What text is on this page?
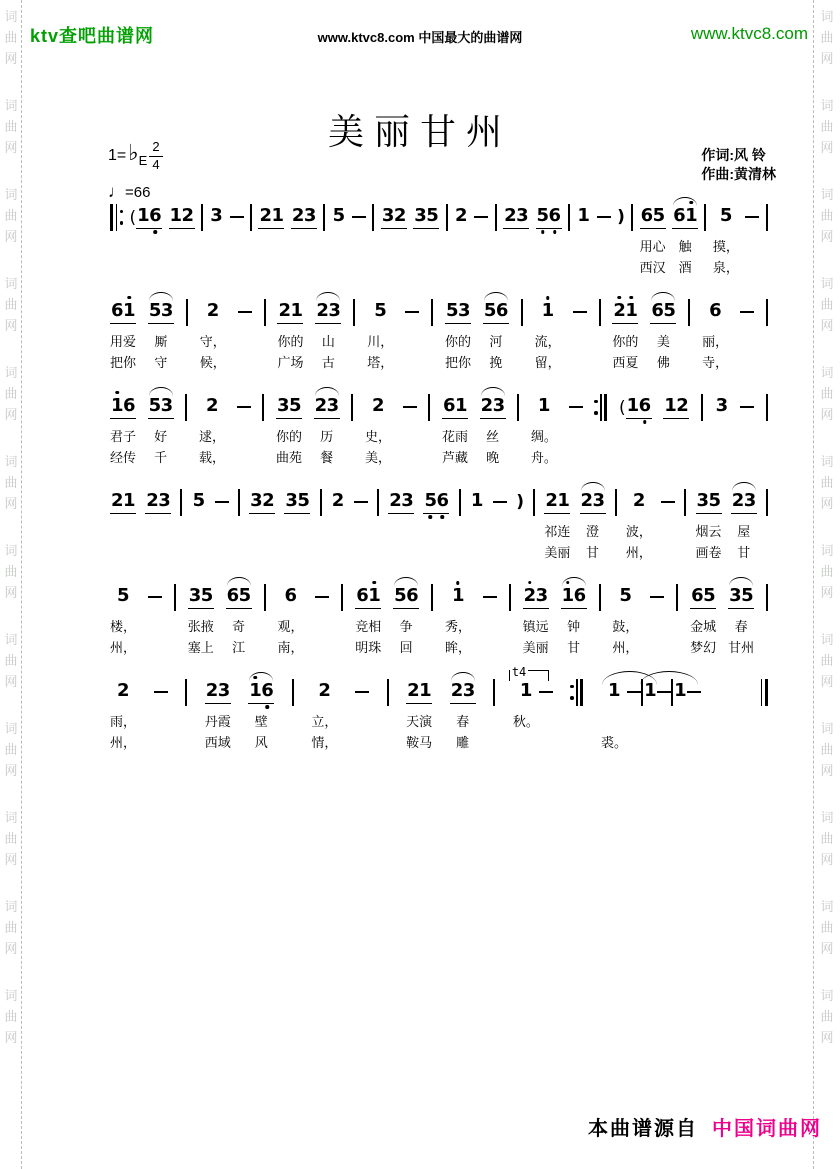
词
曲
网
词
曲
网
词
曲
网
词
曲
网
词
曲
网
词
曲
网
词
曲
网
词
曲
网
词
曲
网
词
曲
网
词
曲
网
词
曲
网
词
曲
网
词
曲
网
词
曲
网
词
曲
网
词
曲
网
词
曲
网
词
曲
网
词
曲
网
词
曲
网
词
曲
网
词
曲
网
词
曲
网
ktv查吧曲谱网	www.ktvc8.com 中国最大的曲谱网	www.ktvc8.com
美丽甘州
1= ♭ E $\frac{2}{4}$
♩=66
作词:风 铃
作曲:黄清林
( 1 6 1 2 3 2 1 2 3 5 3 2 3 5 2 2 3 5 6 1 ) 6 5
用心
西汉
6 1
触
酒
5
摸，
泉，
6 1
用爱
把你
5 3
厮
守
2
守，
候，
2 1
你的
广场
2 3
山
古
5
川，
塔，
5 3
你的
把你
5 6
河
挽
1
流，
留，
2 1
你的
西夏
6 5
美
佛
6
丽，
寺，
1 6
君子
经传
5 3
好
千
2
逑，
载，
3 5
你的
曲苑
2 3
历
餐
2
史，
美，
6 1
花雨
芦藏
2 3
丝
晚
1
绸。
舟。
( 1 6 1 2 3
2 1 2 3 5	3 2 3 5 2	2 3 5 6 1 ) 2 1
祁连
美丽
2 3
澄
甘
2
波，
州，
3 5
烟云
画卷
2 3
屋
甘
5
楼，
州，
3 5
张掖
塞上
6 5
奇
江
6
观，
南，
6 1
竞相
明珠
5 6
争
回
1
秀，
眸，
2 3
镇远
美丽
1 6
钟
甘
5
鼓，
州，
6 5
金城
梦幻
3 5
春
甘州
2
雨，
州，
2 3
丹霞
西域
1 6
壁
风
2
立，
情，
2 1
天演
鞍马
2 3
春
雕
t4
1
秋。
1
裘。
1 1
本曲谱源自 中国词曲网
